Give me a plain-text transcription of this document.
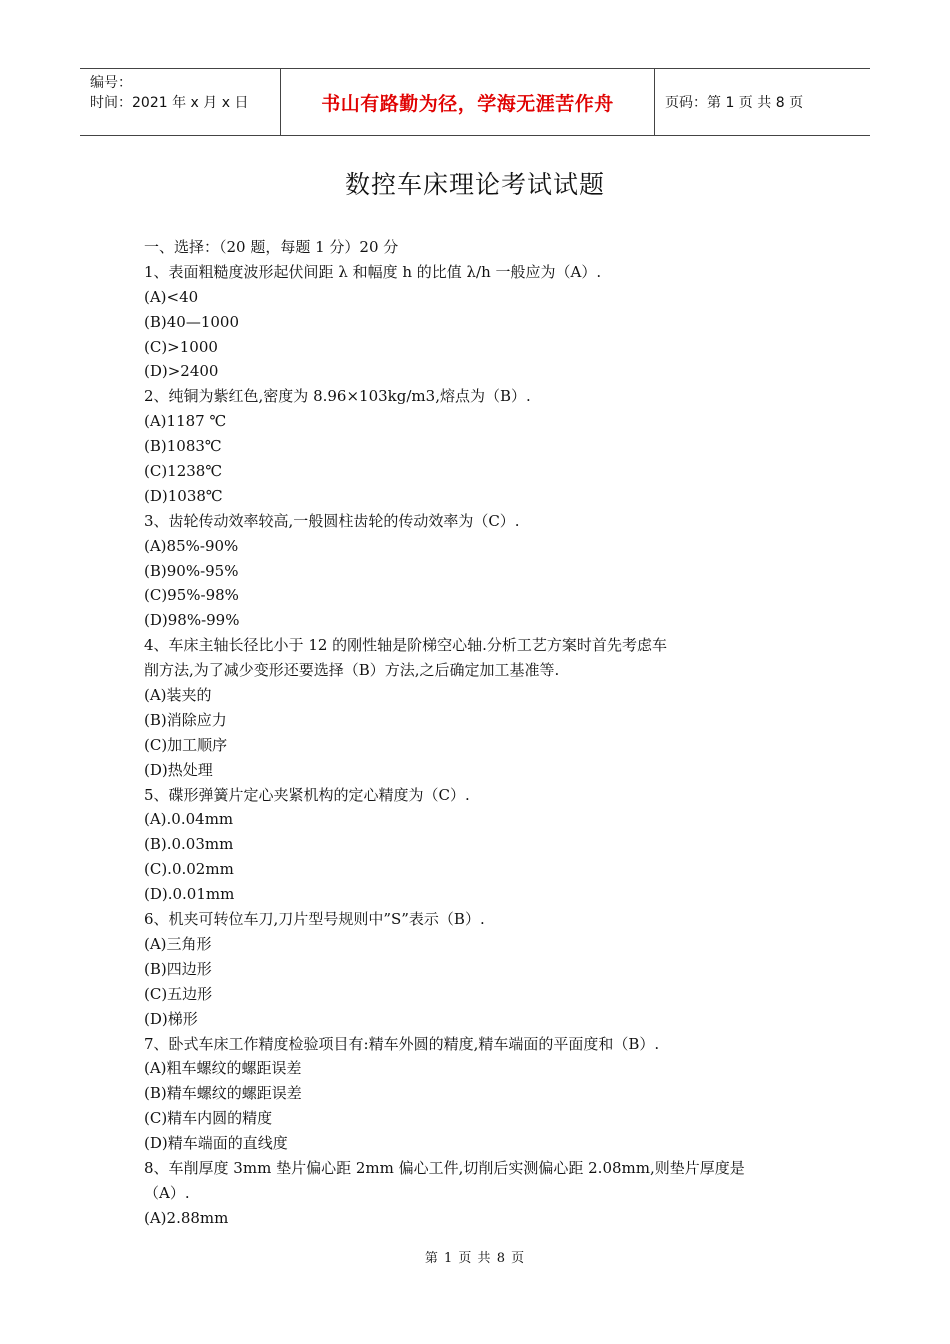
编号：
时间：2021 年 x 月 x 日	书山有路勤为径，学海无涯苦作舟	页码：第 1 页 共 8 页
数控车床理论考试试题
一、选择：（20 题，每题 1 分）20 分
1、表面粗糙度波形起伏间距 λ 和幅度 h 的比值 λ/h 一般应为（A）.
(A)<40
(B)40—1000
(C)>1000
(D)>2400
2、纯铜为紫红色,密度为 8.96×103kg/m3,熔点为（B）.
(A)1187 ℃
(B)1083℃
(C)1238℃
(D)1038℃
3、齿轮传动效率较高,一般圆柱齿轮的传动效率为（C）.
(A)85%-90%
(B)90%-95%
(C)95%-98%
(D)98%-99%
4、车床主轴长径比小于 12 的刚性轴是阶梯空心轴.分析工艺方案时首先考虑车
削方法,为了减少变形还要选择（B）方法,之后确定加工基准等.
(A)装夹的
(B)消除应力
(C)加工顺序
(D)热处理
5、碟形弹簧片定心夹紧机构的定心精度为（C）.
(A).0.04mm
(B).0.03mm
(C).0.02mm
(D).0.01mm
6、机夹可转位车刀,刀片型号规则中”S”表示（B）.
(A)三角形
(B)四边形
(C)五边形
(D)梯形
7、卧式车床工作精度检验项目有:精车外圆的精度,精车端面的平面度和（B）.
(A)粗车螺纹的螺距误差
(B)精车螺纹的螺距误差
(C)精车内圆的精度
(D)精车端面的直线度
8、车削厚度 3mm 垫片偏心距 2mm 偏心工件,切削后实测偏心距 2.08mm,则垫片厚度是
（A）.
(A)2.88mm
第 1 页 共 8 页
